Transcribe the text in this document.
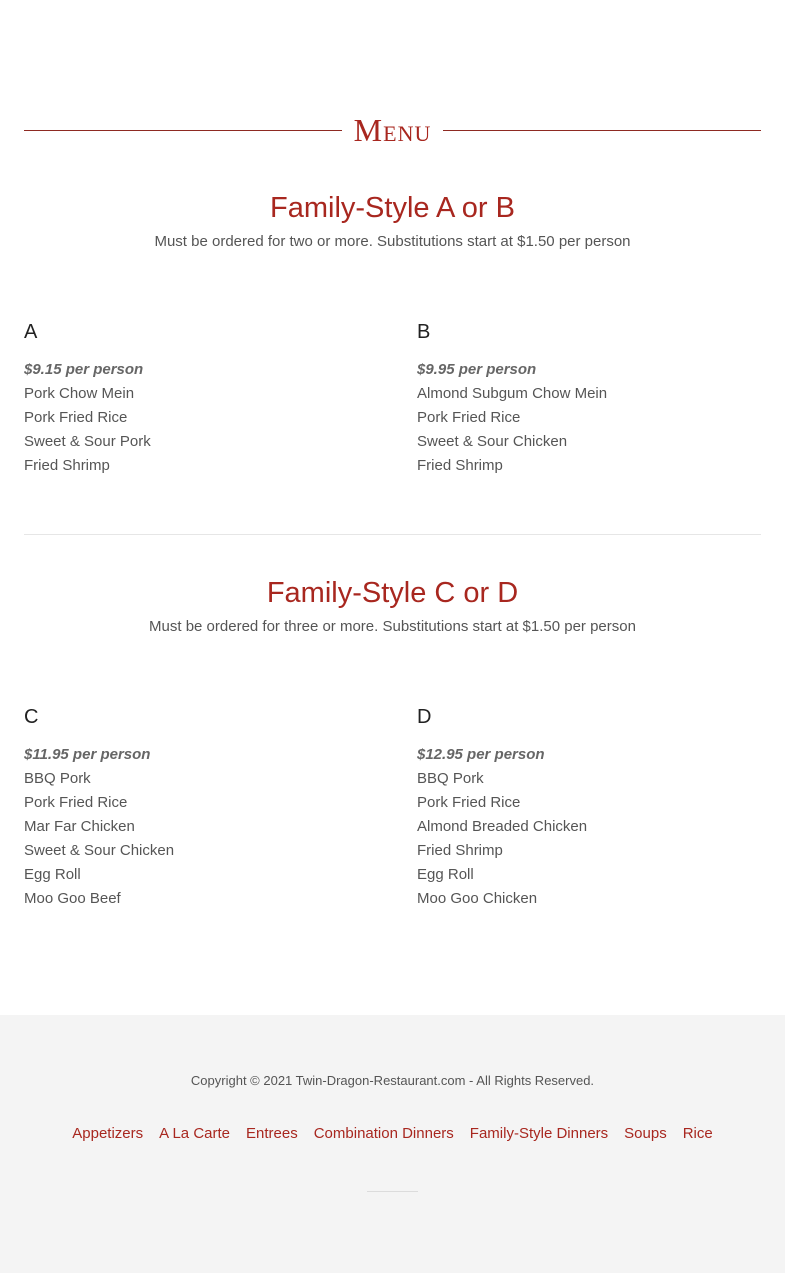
Menu
Family-Style A or B
Must be ordered for two or more. Substitutions start at $1.50 per person
A
$9.15 per person
Pork Chow Mein
Pork Fried Rice
Sweet & Sour Pork
Fried Shrimp
B
$9.95 per person
Almond Subgum Chow Mein
Pork Fried Rice
Sweet & Sour Chicken
Fried Shrimp
Family-Style C or D
Must be ordered for three or more. Substitutions start at $1.50 per person
C
$11.95 per person
BBQ Pork
Pork Fried Rice
Mar Far Chicken
Sweet & Sour Chicken
Egg Roll
Moo Goo Beef
D
$12.95 per person
BBQ Pork
Pork Fried Rice
Almond Breaded Chicken
Fried Shrimp
Egg Roll
Moo Goo Chicken
Copyright © 2021 Twin-Dragon-Restaurant.com - All Rights Reserved.
Appetizers A La Carte Entrees Combination Dinners Family-Style Dinners Soups Rice
